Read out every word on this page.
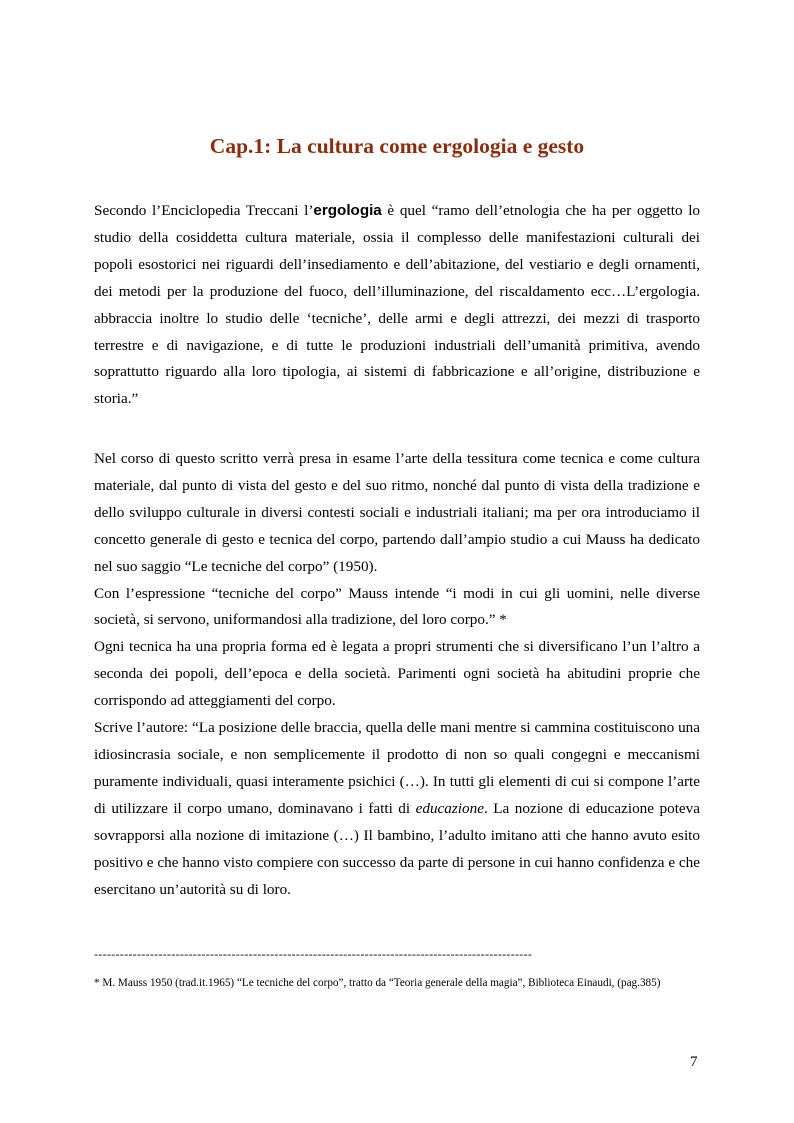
Cap.1: La cultura come ergologia e gesto

Secondo l’Enciclopedia Treccani l’ergologia è quel “ramo dell’etnologia che ha per oggetto lo studio della cosiddetta cultura materiale, ossia il complesso delle manifestazioni culturali dei popoli esostorici nei riguardi dell’insediamento e dell’abitazione, del vestiario e degli ornamenti, dei metodi per la produzione del fuoco, dell’illuminazione, del riscaldamento ecc…L’ergologia. abbraccia inoltre lo studio delle ‘tecniche’, delle armi e degli attrezzi, dei mezzi di trasporto terrestre e di navigazione, e di tutte le produzioni industriali dell’umanità primitiva, avendo soprattutto riguardo alla loro tipologia, ai sistemi di fabbricazione e all’origine, distribuzione e storia.”

Nel corso di questo scritto verrà presa in esame l’arte della tessitura come tecnica e come cultura materiale, dal punto di vista del gesto e del suo ritmo, nonché dal punto di vista della tradizione e dello sviluppo culturale in diversi contesti sociali e industriali italiani; ma per ora introduciamo il concetto generale di gesto e tecnica del corpo, partendo dall’ampio studio a cui Mauss ha dedicato nel suo saggio “Le tecniche del corpo” (1950).

Con l’espressione “tecniche del corpo” Mauss intende “i modi in cui gli uomini, nelle diverse società, si servono, uniformandosi alla tradizione, del loro corpo.” *

Ogni tecnica ha una propria forma ed è legata a propri strumenti che si diversificano l’un l’altro a seconda dei popoli, dell’epoca e della società. Parimenti ogni società ha abitudini proprie che corrispondo ad atteggiamenti del corpo.

Scrive l’autore: “La posizione delle braccia, quella delle mani mentre si cammina costituiscono una idiosincrasia sociale, e non semplicemente il prodotto di non so quali congegni e meccanismi puramente individuali, quasi interamente psichici (…). In tutti gli elementi di cui si compone l’arte di utilizzare il corpo umano, dominavano i fatti di educazione. La nozione di educazione poteva sovrapporsi alla nozione di imitazione (…) Il bambino, l’adulto imitano atti che hanno avuto esito positivo e che hanno visto compiere con successo da parte di persone in cui hanno confidenza e che esercitano un’autorità su di loro.

------------------------------------------------------------------------------------------------------

* M. Mauss 1950 (trad.it.1965) “Le tecniche del corpo”, tratto da “Teoria generale della magia”, Biblioteca Einaudi, (pag.385)

7
